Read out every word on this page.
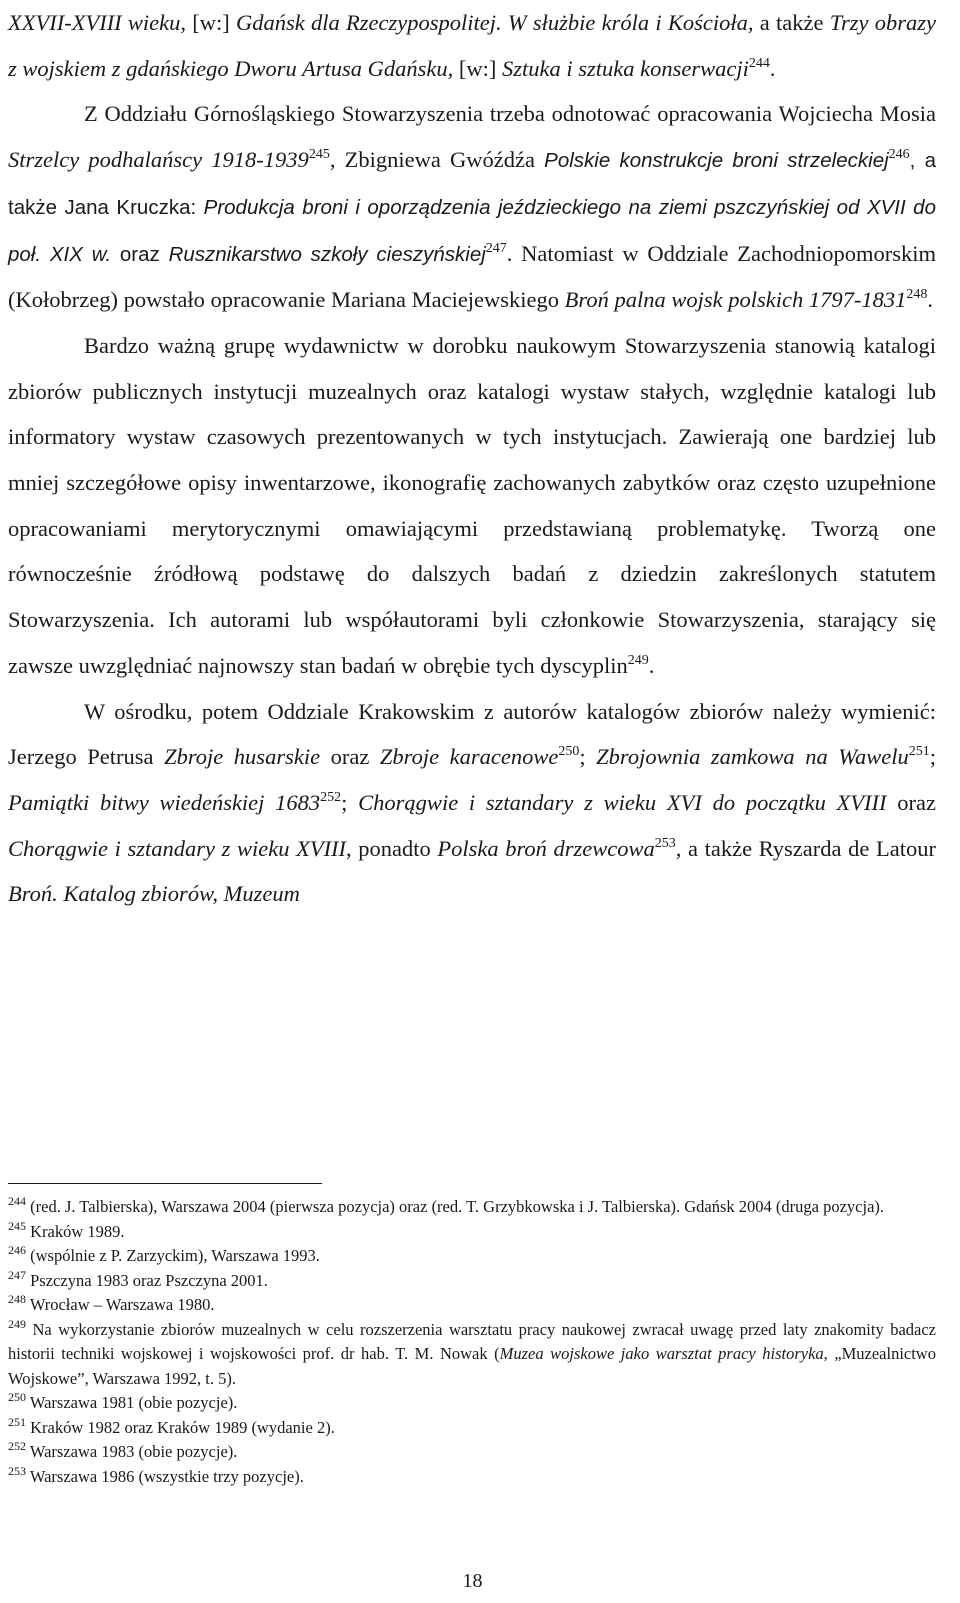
XXVII-XVIII wieku, [w:] Gdańsk dla Rzeczypospolitej. W służbie króla i Kościoła, a także Trzy obrazy z wojskiem z gdańskiego Dworu Artusa Gdańsku, [w:] Sztuka i sztuka konserwacji$^{244}$.

Z Oddziału Górnośląskiego Stowarzyszenia trzeba odnotować opracowania Wojciecha Mosia Strzelcy podhalańscy 1918-1939$^{245}$, Zbigniewa Gwóźdźa Polskie konstrukcje broni strzeleckiej$^{246}$, a także Jana Kruczka: Produkcja broni i oporządzenia jeździeckiego na ziemi pszczyńskiej od XVII do poł. XIX w. oraz Rusznikarstwo szkoły cieszyńskiej$^{247}$. Natomiast w Oddziale Zachodniopomorskim (Kołobrzeg) powstało opracowanie Mariana Maciejewskiego Broń palna wojsk polskich 1797-1831$^{248}$.

Bardzo ważną grupę wydawnictw w dorobku naukowym Stowarzyszenia stanowią katalogi zbiorów publicznych instytucji muzealnych oraz katalogi wystaw stałych, względnie katalogi lub informatory wystaw czasowych prezentowanych w tych instytucjach. Zawierają one bardziej lub mniej szczegółowe opisy inwentarzowe, ikonografię zachowanych zabytków oraz często uzupełnione opracowaniami merytorycznymi omawiającymi przedstawianą problematykę. Tworzą one równocześnie źródłową podstawę do dalszych badań z dziedzin zakreślonych statutem Stowarzyszenia. Ich autorami lub współautorami byli członkowie Stowarzyszenia, starający się zawsze uwzględniać najnowszy stan badań w obrębie tych dyscyplin$^{249}$.

W ośrodku, potem Oddziale Krakowskim z autorów katalogów zbiorów należy wymienić: Jerzego Petrusa Zbroje husarskie oraz Zbroje karacenowe$^{250}$; Zbrojownia zamkowa na Wawelu$^{251}$; Pamiątki bitwy wiedeńskiej 1683$^{252}$; Chorągwie i sztandary z wieku XVI do początku XVIII oraz Chorągwie i sztandary z wieku XVIII, ponadto Polska broń drzewcowa$^{253}$, a także Ryszarda de Latour Broń. Katalog zbiorów, Muzeum

$^{244}$ (red. J. Talbierska), Warszawa 2004 (pierwsza pozycja) oraz (red. T. Grzybkowska i J. Talbierska). Gdańsk 2004 (druga pozycja).

$^{245}$ Kraków 1989.

$^{246}$ (wspólnie z P. Zarzyckim), Warszawa 1993.

$^{247}$ Pszczyna 1983 oraz Pszczyna 2001.

$^{248}$ Wrocław – Warszawa 1980.

$^{249}$ Na wykorzystanie zbiorów muzealnych w celu rozszerzenia warsztatu pracy naukowej zwracał uwagę przed laty znakomity badacz historii techniki wojskowej i wojskowości prof. dr hab. T. M. Nowak (Muzea wojskowe jako warsztat pracy historyka, „Muzealnictwo Wojskowe”, Warszawa 1992, t. 5).

$^{250}$ Warszawa 1981 (obie pozycje).

$^{251}$ Kraków 1982 oraz Kraków 1989 (wydanie 2).

$^{252}$ Warszawa 1983 (obie pozycje).

$^{253}$ Warszawa 1986 (wszystkie trzy pozycje).

18
